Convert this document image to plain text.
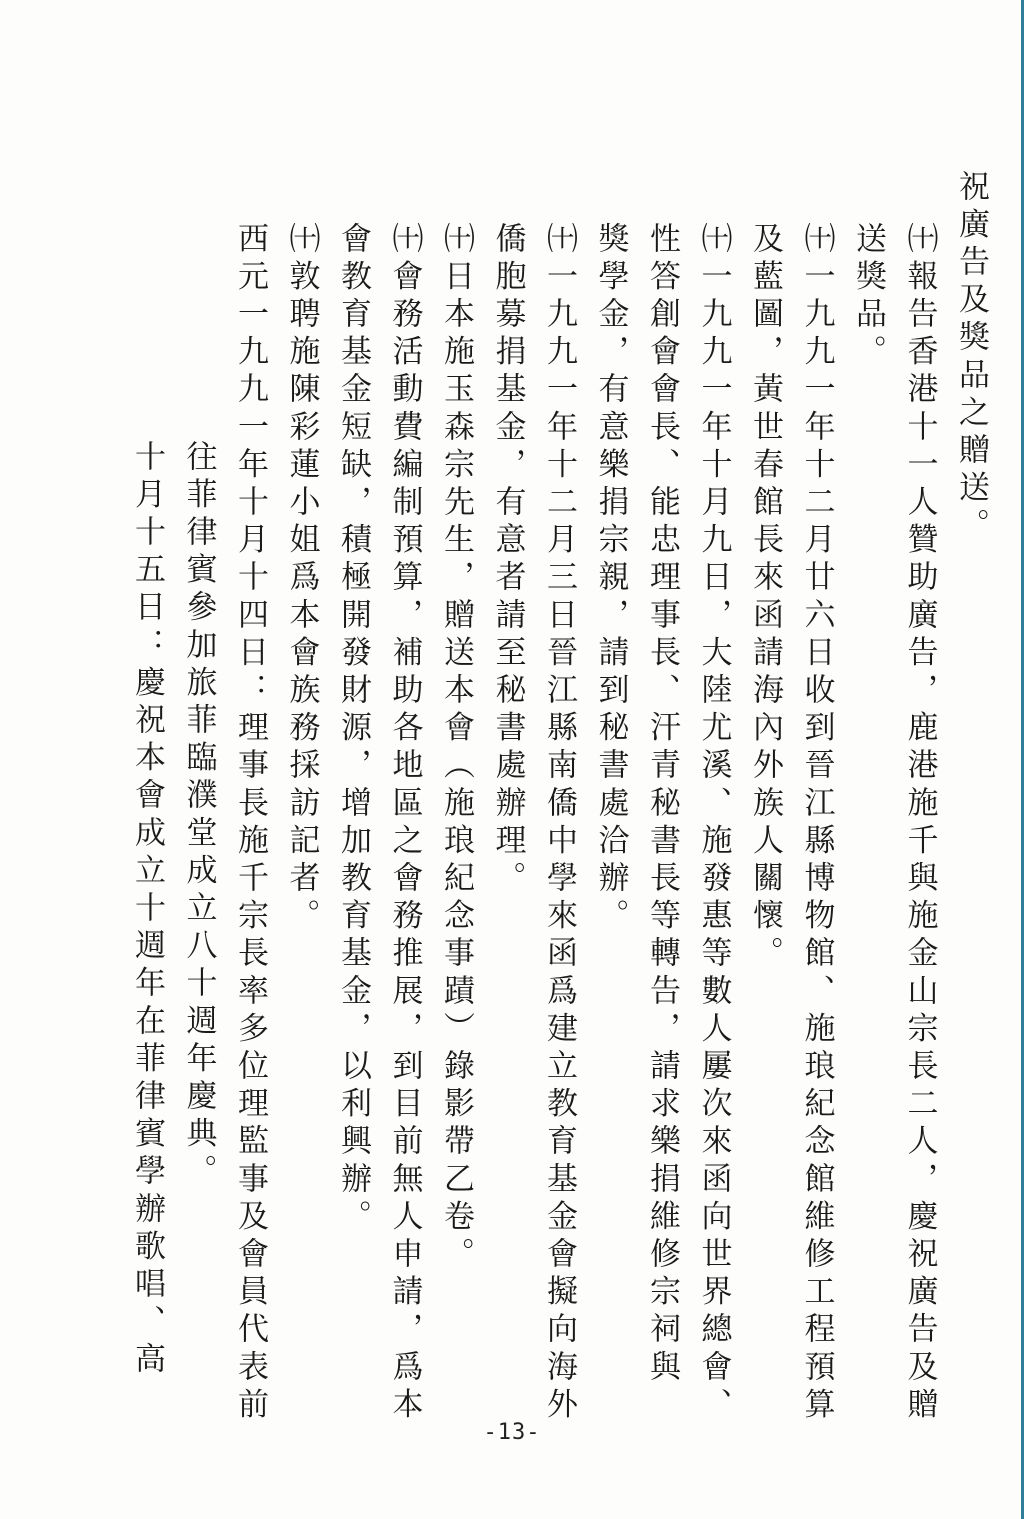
祝廣告及獎品之贈送。
㈩報告香港十一人贊助廣告，鹿港施千與施金山宗長二人，慶祝廣告及贈
送獎品。
㈩一九九一年十二月廿六日收到晉江縣博物館、施琅紀念館維修工程預算
及藍圖，黃世春館長來函請海內外族人關懷。
㈩一九九一年十月九日，大陸尤溪、施發惠等數人屢次來函向世界總會、
性答創會會長、能忠理事長、汗青秘書長等轉告，請求樂捐維修宗祠與
獎學金，有意樂捐宗親，請到秘書處洽辦。
㈩一九九一年十二月三日晉江縣南僑中學來函爲建立教育基金會擬向海外
僑胞募捐基金，有意者請至秘書處辦理。
㈩日本施玉森宗先生，贈送本會（施琅紀念事蹟）錄影帶乙卷。
㈩會務活動費編制預算，補助各地區之會務推展，到目前無人申請，爲本
會教育基金短缺，積極開發財源，增加教育基金，以利興辦。
㈩敦聘施陳彩蓮小姐爲本會族務採訪記者。
西元一九九一年十月十四日：理事長施千宗長率多位理監事及會員代表前
往菲律賓參加旅菲臨濮堂成立八十週年慶典。
十月十五日：慶祝本會成立十週年在菲律賓學辦歌唱、高
-13-
